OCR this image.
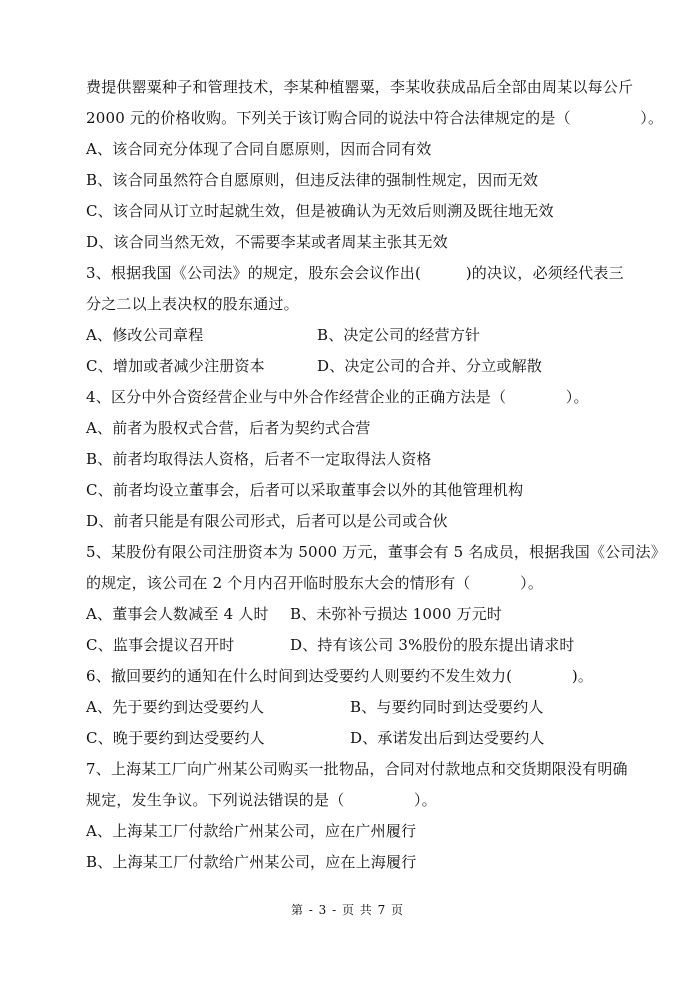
费提供罂粟种子和管理技术，李某种植罂粟，李某收获成品后全部由周某以每公斤
2000 元的价格收购。下列关于该订购合同的说法中符合法律规定的是（              ）。
A、该合同充分体现了合同自愿原则，因而合同有效
B、该合同虽然符合自愿原则，但违反法律的强制性规定，因而无效
C、该合同从订立时起就生效，但是被确认为无效后则溯及既往地无效
D、该合同当然无效，不需要李某或者周某主张其无效
3、根据我国《公司法》的规定，股东会会议作出(         )的决议，必须经代表三
分之二以上表决权的股东通过。
A、修改公司章程	B、决定公司的经营方针
C、增加或者减少注册资本	D、决定公司的合并、分立或解散
4、区分中外合资经营企业与中外合作经营企业的正确方法是（            ）。
A、前者为股权式合营，后者为契约式合营
B、前者均取得法人资格，后者不一定取得法人资格
C、前者均设立董事会，后者可以采取董事会以外的其他管理机构
D、前者只能是有限公司形式，后者可以是公司或合伙
5、某股份有限公司注册资本为 5000 万元，董事会有 5 名成员，根据我国《公司法》
的规定，该公司在 2 个月内召开临时股东大会的情形有（          ）。
A、董事会人数减至 4 人时 B、未弥补亏损达 1000 万元时
C、监事会提议召开时	D、持有该公司 3%股份的股东提出请求时
6、撤回要约的通知在什么时间到达受要约人则要约不发生效力(            )。
A、先于要约到达受要约人	B、与要约同时到达受要约人
C、晚于要约到达受要约人	D、承诺发出后到达受要约人
7、上海某工厂向广州某公司购买一批物品，合同对付款地点和交货期限没有明确
规定，发生争议。下列说法错误的是（              ）。
A、上海某工厂付款给广州某公司，应在广州履行
B、上海某工厂付款给广州某公司，应在上海履行
第 - 3 - 页 共 7 页
